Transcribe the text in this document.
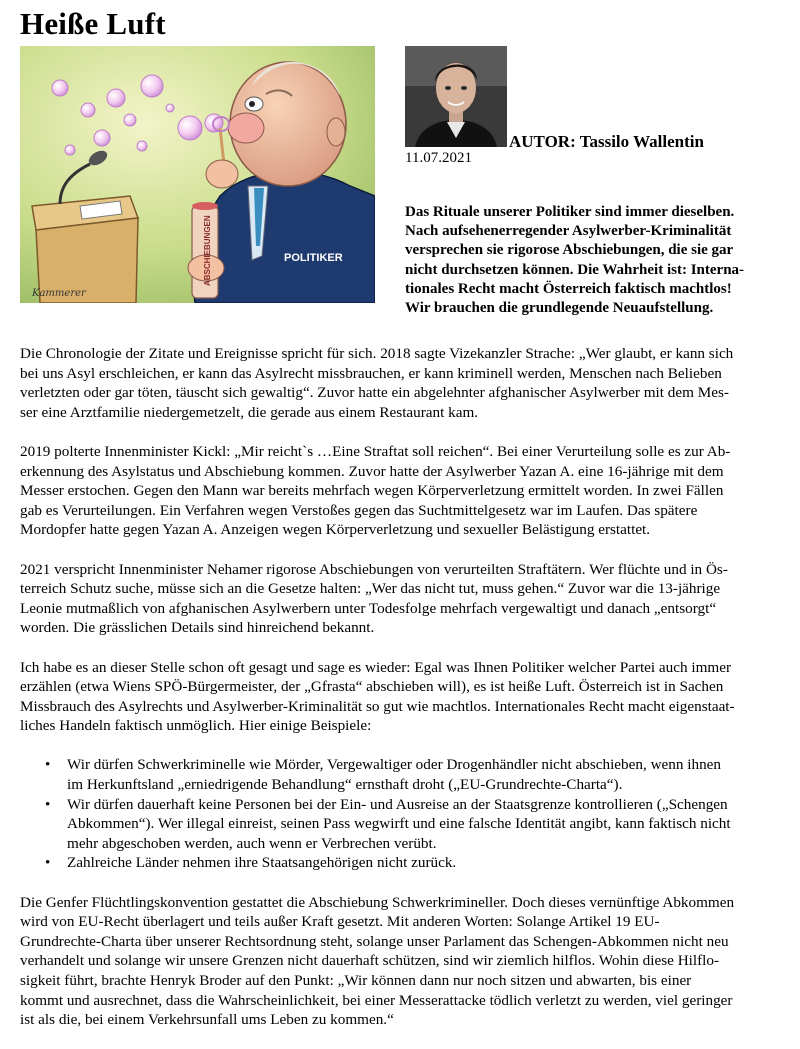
Heiße Luft
ABSCHIEBUNGEN	POLITIKER
Kammerer
AUTOR: Tassilo Wallentin
11.07.2021
Das Rituale unserer Politiker sind immer dieselben.
Nach aufsehenerregender Asylwerber-Kriminalität
versprechen sie rigorose Abschiebungen, die sie gar
nicht durchsetzen können. Die Wahrheit ist: Interna-
tionales Recht macht Österreich faktisch machtlos!
Wir brauchen die grundlegende Neuaufstellung.
Die Chronologie der Zitate und Ereignisse spricht für sich. 2018 sagte Vizekanzler Strache: „Wer glaubt, er kann sich
bei uns Asyl erschleichen, er kann das Asylrecht missbrauchen, er kann kriminell werden, Menschen nach Belieben
verletzten oder gar töten, täuscht sich gewaltig“. Zuvor hatte ein abgelehnter afghanischer Asylwerber mit dem Mes-
ser eine Arztfamilie niedergemetzelt, die gerade aus einem Restaurant kam.
2019 polterte Innenminister Kickl: „Mir reicht`s …Eine Straftat soll reichen“. Bei einer Verurteilung solle es zur Ab-
erkennung des Asylstatus und Abschiebung kommen. Zuvor hatte der Asylwerber Yazan A. eine 16-jährige mit dem
Messer erstochen. Gegen den Mann war bereits mehrfach wegen Körperverletzung ermittelt worden. In zwei Fällen
gab es Verurteilungen. Ein Verfahren wegen Verstoßes gegen das Suchtmittelgesetz war im Laufen. Das spätere
Mordopfer hatte gegen Yazan A. Anzeigen wegen Körperverletzung und sexueller Belästigung erstattet.
2021 verspricht Innenminister Nehamer rigorose Abschiebungen von verurteilten Straftätern. Wer flüchte und in Ös-
terreich Schutz suche, müsse sich an die Gesetze halten: „Wer das nicht tut, muss gehen.“ Zuvor war die 13-jährige
Leonie mutmaßlich von afghanischen Asylwerbern unter Todesfolge mehrfach vergewaltigt und danach „entsorgt“
worden. Die grässlichen Details sind hinreichend bekannt.
Ich habe es an dieser Stelle schon oft gesagt und sage es wieder: Egal was Ihnen Politiker welcher Partei auch immer
erzählen (etwa Wiens SPÖ-Bürgermeister, der „Gfrasta“ abschieben will), es ist heiße Luft. Österreich ist in Sachen
Missbrauch des Asylrechts und Asylwerber-Kriminalität so gut wie machtlos. Internationales Recht macht eigenstaat-
liches Handeln faktisch unmöglich. Hier einige Beispiele:
• Wir dürfen Schwerkriminelle wie Mörder, Vergewaltiger oder Drogenhändler nicht abschieben, wenn ihnen
im Herkunftsland „erniedrigende Behandlung“ ernsthaft droht („EU-Grundrechte-Charta“).
• Wir dürfen dauerhaft keine Personen bei der Ein- und Ausreise an der Staatsgrenze kontrollieren („Schengen
Abkommen“). Wer illegal einreist, seinen Pass wegwirft und eine falsche Identität angibt, kann faktisch nicht
mehr abgeschoben werden, auch wenn er Verbrechen verübt.
• Zahlreiche Länder nehmen ihre Staatsangehörigen nicht zurück.
Die Genfer Flüchtlingskonvention gestattet die Abschiebung Schwerkrimineller. Doch dieses vernünftige Abkommen
wird von EU-Recht überlagert und teils außer Kraft gesetzt. Mit anderen Worten: Solange Artikel 19 EU-
Grundrechte-Charta über unserer Rechtsordnung steht, solange unser Parlament das Schengen-Abkommen nicht neu
verhandelt und solange wir unsere Grenzen nicht dauerhaft schützen, sind wir ziemlich hilflos. Wohin diese Hilflo-
sigkeit führt, brachte Henryk Broder auf den Punkt: „Wir können dann nur noch sitzen und abwarten, bis einer
kommt und ausrechnet, dass die Wahrscheinlichkeit, bei einer Messerattacke tödlich verletzt zu werden, viel geringer
ist als die, bei einem Verkehrsunfall ums Leben zu kommen.“
